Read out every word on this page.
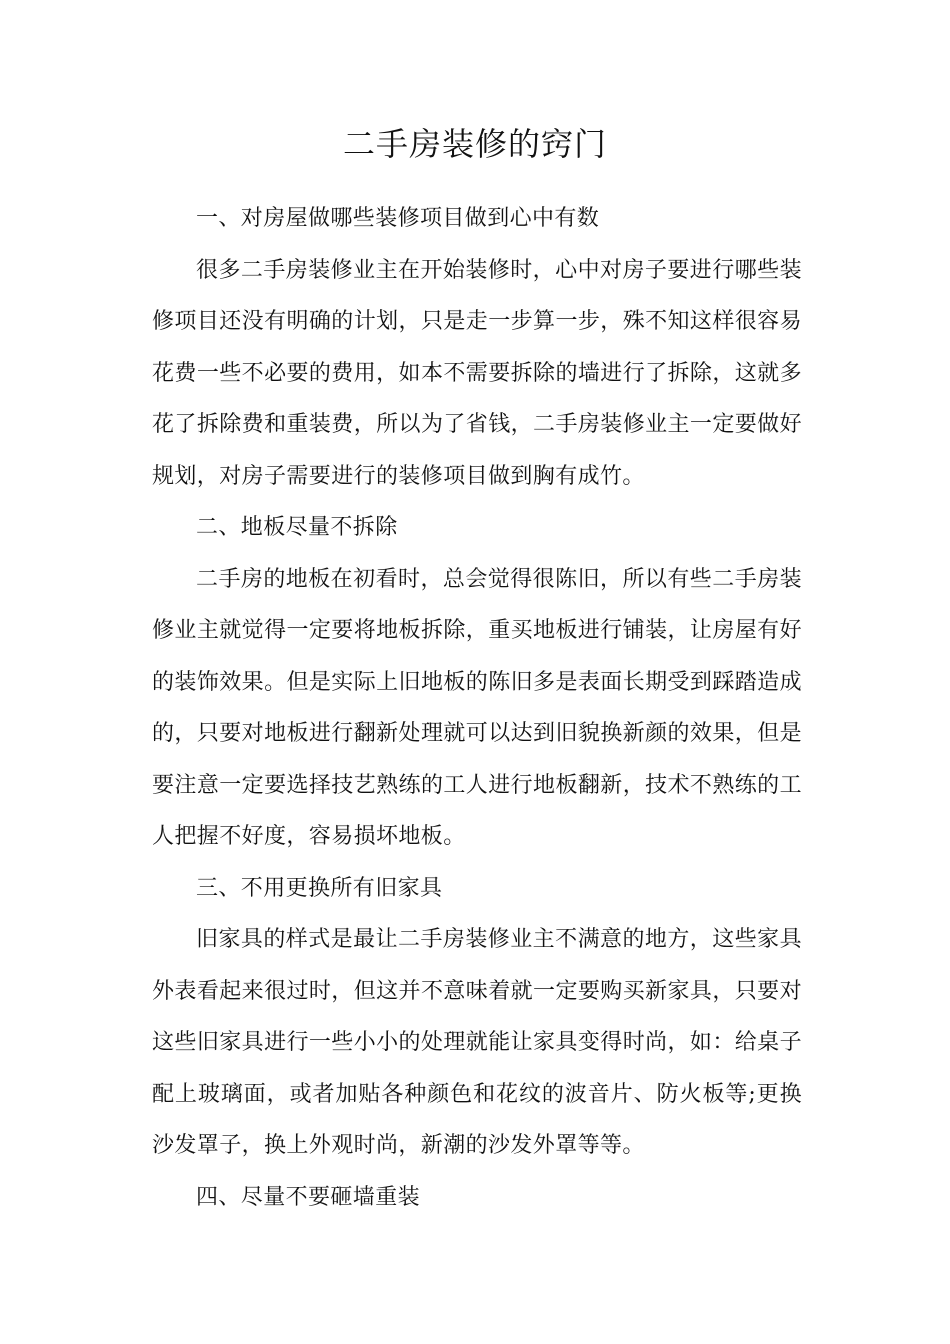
二手房装修的窍门

一、对房屋做哪些装修项目做到心中有数

很多二手房装修业主在开始装修时，心中对房子要进行哪些装修项目还没有明确的计划，只是走一步算一步，殊不知这样很容易花费一些不必要的费用，如本不需要拆除的墙进行了拆除，这就多花了拆除费和重装费，所以为了省钱，二手房装修业主一定要做好规划，对房子需要进行的装修项目做到胸有成竹。

二、地板尽量不拆除

二手房的地板在初看时，总会觉得很陈旧，所以有些二手房装修业主就觉得一定要将地板拆除，重买地板进行铺装，让房屋有好的装饰效果。但是实际上旧地板的陈旧多是表面长期受到踩踏造成的，只要对地板进行翻新处理就可以达到旧貌换新颜的效果，但是要注意一定要选择技艺熟练的工人进行地板翻新，技术不熟练的工人把握不好度，容易损坏地板。

三、不用更换所有旧家具

旧家具的样式是最让二手房装修业主不满意的地方，这些家具外表看起来很过时，但这并不意味着就一定要购买新家具，只要对这些旧家具进行一些小小的处理就能让家具变得时尚，如：给桌子配上玻璃面，或者加贴各种颜色和花纹的波音片、防火板等;更换沙发罩子，换上外观时尚，新潮的沙发外罩等等。

四、尽量不要砸墙重装
